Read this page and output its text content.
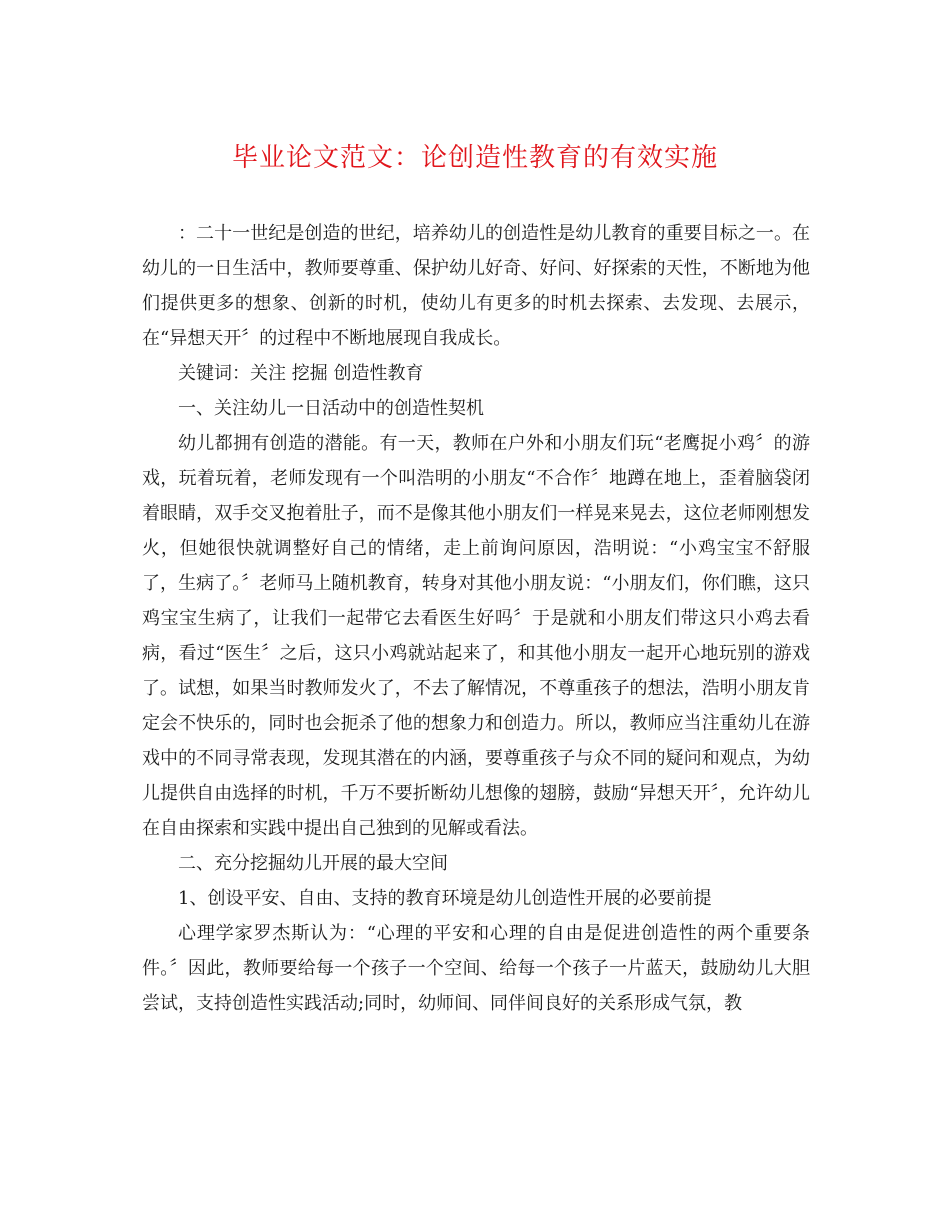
毕业论文范文：论创造性教育的有效实施

：二十一世纪是创造的世纪，培养幼儿的创造性是幼儿教育的重要目标之一。在幼儿的一日生活中，教师要尊重、保护幼儿好奇、好问、好探索的天性，不断地为他们提供更多的想象、创新的时机，使幼儿有更多的时机去探索、去发现、去展示，在“异想天开〞的过程中不断地展现自我成长。

关键词：关注 挖掘 创造性教育

一、关注幼儿一日活动中的创造性契机

幼儿都拥有创造的潜能。有一天，教师在户外和小朋友们玩“老鹰捉小鸡〞的游戏，玩着玩着，老师发现有一个叫浩明的小朋友“不合作〞地蹲在地上，歪着脑袋闭着眼睛，双手交叉抱着肚子，而不是像其他小朋友们一样晃来晃去，这位老师刚想发火，但她很快就调整好自己的情绪，走上前询问原因，浩明说：“小鸡宝宝不舒服了，生病了。〞老师马上随机教育，转身对其他小朋友说：“小朋友们，你们瞧，这只鸡宝宝生病了，让我们一起带它去看医生好吗〞于是就和小朋友们带这只小鸡去看病，看过“医生〞之后，这只小鸡就站起来了，和其他小朋友一起开心地玩别的游戏了。试想，如果当时教师发火了，不去了解情况，不尊重孩子的想法，浩明小朋友肯定会不快乐的，同时也会扼杀了他的想象力和创造力。所以，教师应当注重幼儿在游戏中的不同寻常表现，发现其潜在的内涵，要尊重孩子与众不同的疑问和观点，为幼儿提供自由选择的时机，千万不要折断幼儿想像的翅膀，鼓励“异想天开〞，允许幼儿在自由探索和实践中提出自己独到的见解或看法。

二、充分挖掘幼儿开展的最大空间

1、创设平安、自由、支持的教育环境是幼儿创造性开展的必要前提

心理学家罗杰斯认为：“心理的平安和心理的自由是促进创造性的两个重要条件。〞因此，教师要给每一个孩子一个空间、给每一个孩子一片蓝天，鼓励幼儿大胆尝试，支持创造性实践活动;同时，幼师间、同伴间良好的关系形成气氛，教
